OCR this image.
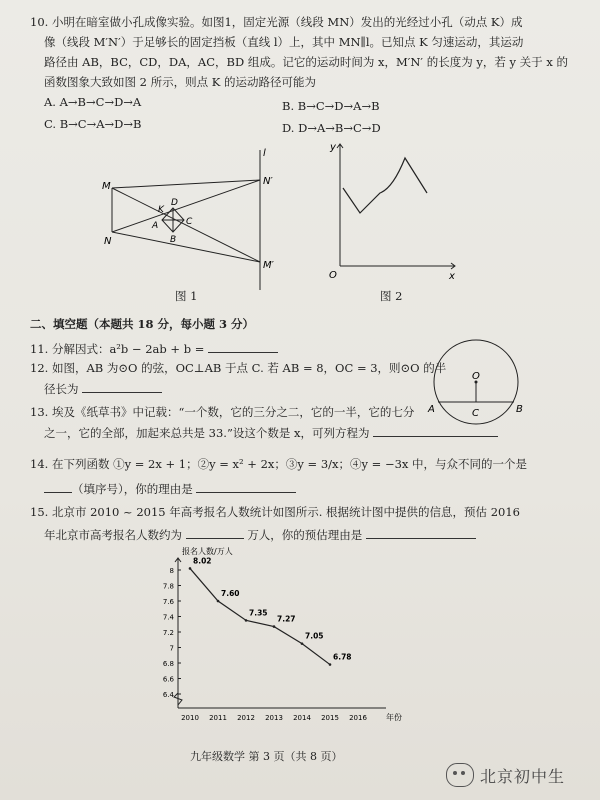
10. 小明在暗室做小孔成像实验。如图1，固定光源（线段 MN）发出的光经过小孔（动点 K）成
像（线段 M′N′）于足够长的固定挡板（直线 l）上，其中 MN∥l。已知点 K 匀速运动，其运动
路径由 AB，BC，CD，DA，AC，BD 组成。记它的运动时间为 x，M′N′ 的长度为 y，若 y 关于 x 的
函数图象大致如图 2 所示，则点 K 的运动路径可能为
A. A→B→C→D→A	B. B→C→D→A→B
C. B→C→A→D→B	D. D→A→B→C→D
M
N
K
D
A	C
B
l
N′
M′
图 1
y
x
O
图 2
二、填空题（本题共 18 分，每小题 3 分）
11. 分解因式：a²b − 2ab + b =
12. 如图，AB 为⊙O 的弦，OC⊥AB 于点 C. 若 AB = 8，OC = 3，则⊙O 的半
径长为
O
A	C	B
13. 埃及《纸草书》中记载：“一个数，它的三分之二，它的一半，它的七分
之一，它的全部，加起来总共是 33.”设这个数是 x，可列方程为
14. 在下列函数 ①y = 2x + 1；②y = x² + 2x；③y = 3/x；④y = −3x 中，与众不同的一个是
（填序号），你的理由是
15. 北京市 2010 ~ 2015 年高考报名人数统计如图所示. 根据统计图中提供的信息，预估 2016
年北京市高考报名人数约为	万人，你的预估理由是
6.4
6.6
6.8
7
7.2
7.4
7.6
7.8
8
2010 2011 2012 2013 2014 2015 2016
报名人数/万人
年份
8.02
7.60
7.35
7.27
7.05
6.78
九年级数学 第 3 页（共 8 页）
北京初中生
